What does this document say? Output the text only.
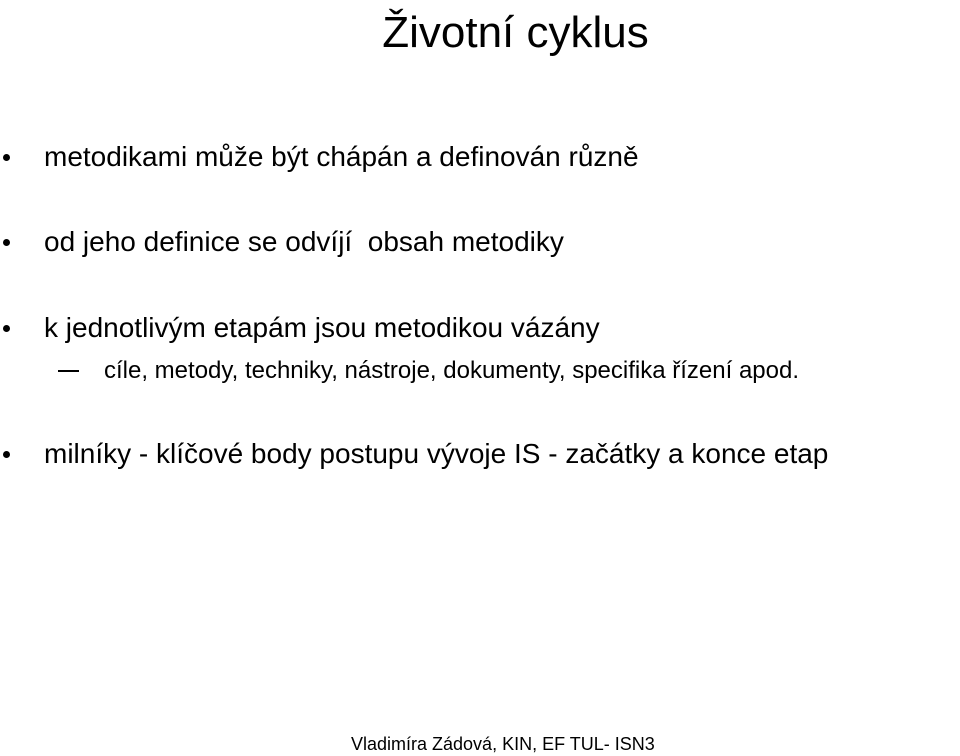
Životní cyklus
metodikami může být chápán a definován různě
od jeho definice se odvíjí  obsah metodiky
k jednotlivým etapám jsou metodikou vázány
cíle, metody, techniky, nástroje, dokumenty, specifika řízení apod.
milníky - klíčové body postupu vývoje IS - začátky a konce etap
Vladimíra Zádová, KIN, EF TUL- ISN3
